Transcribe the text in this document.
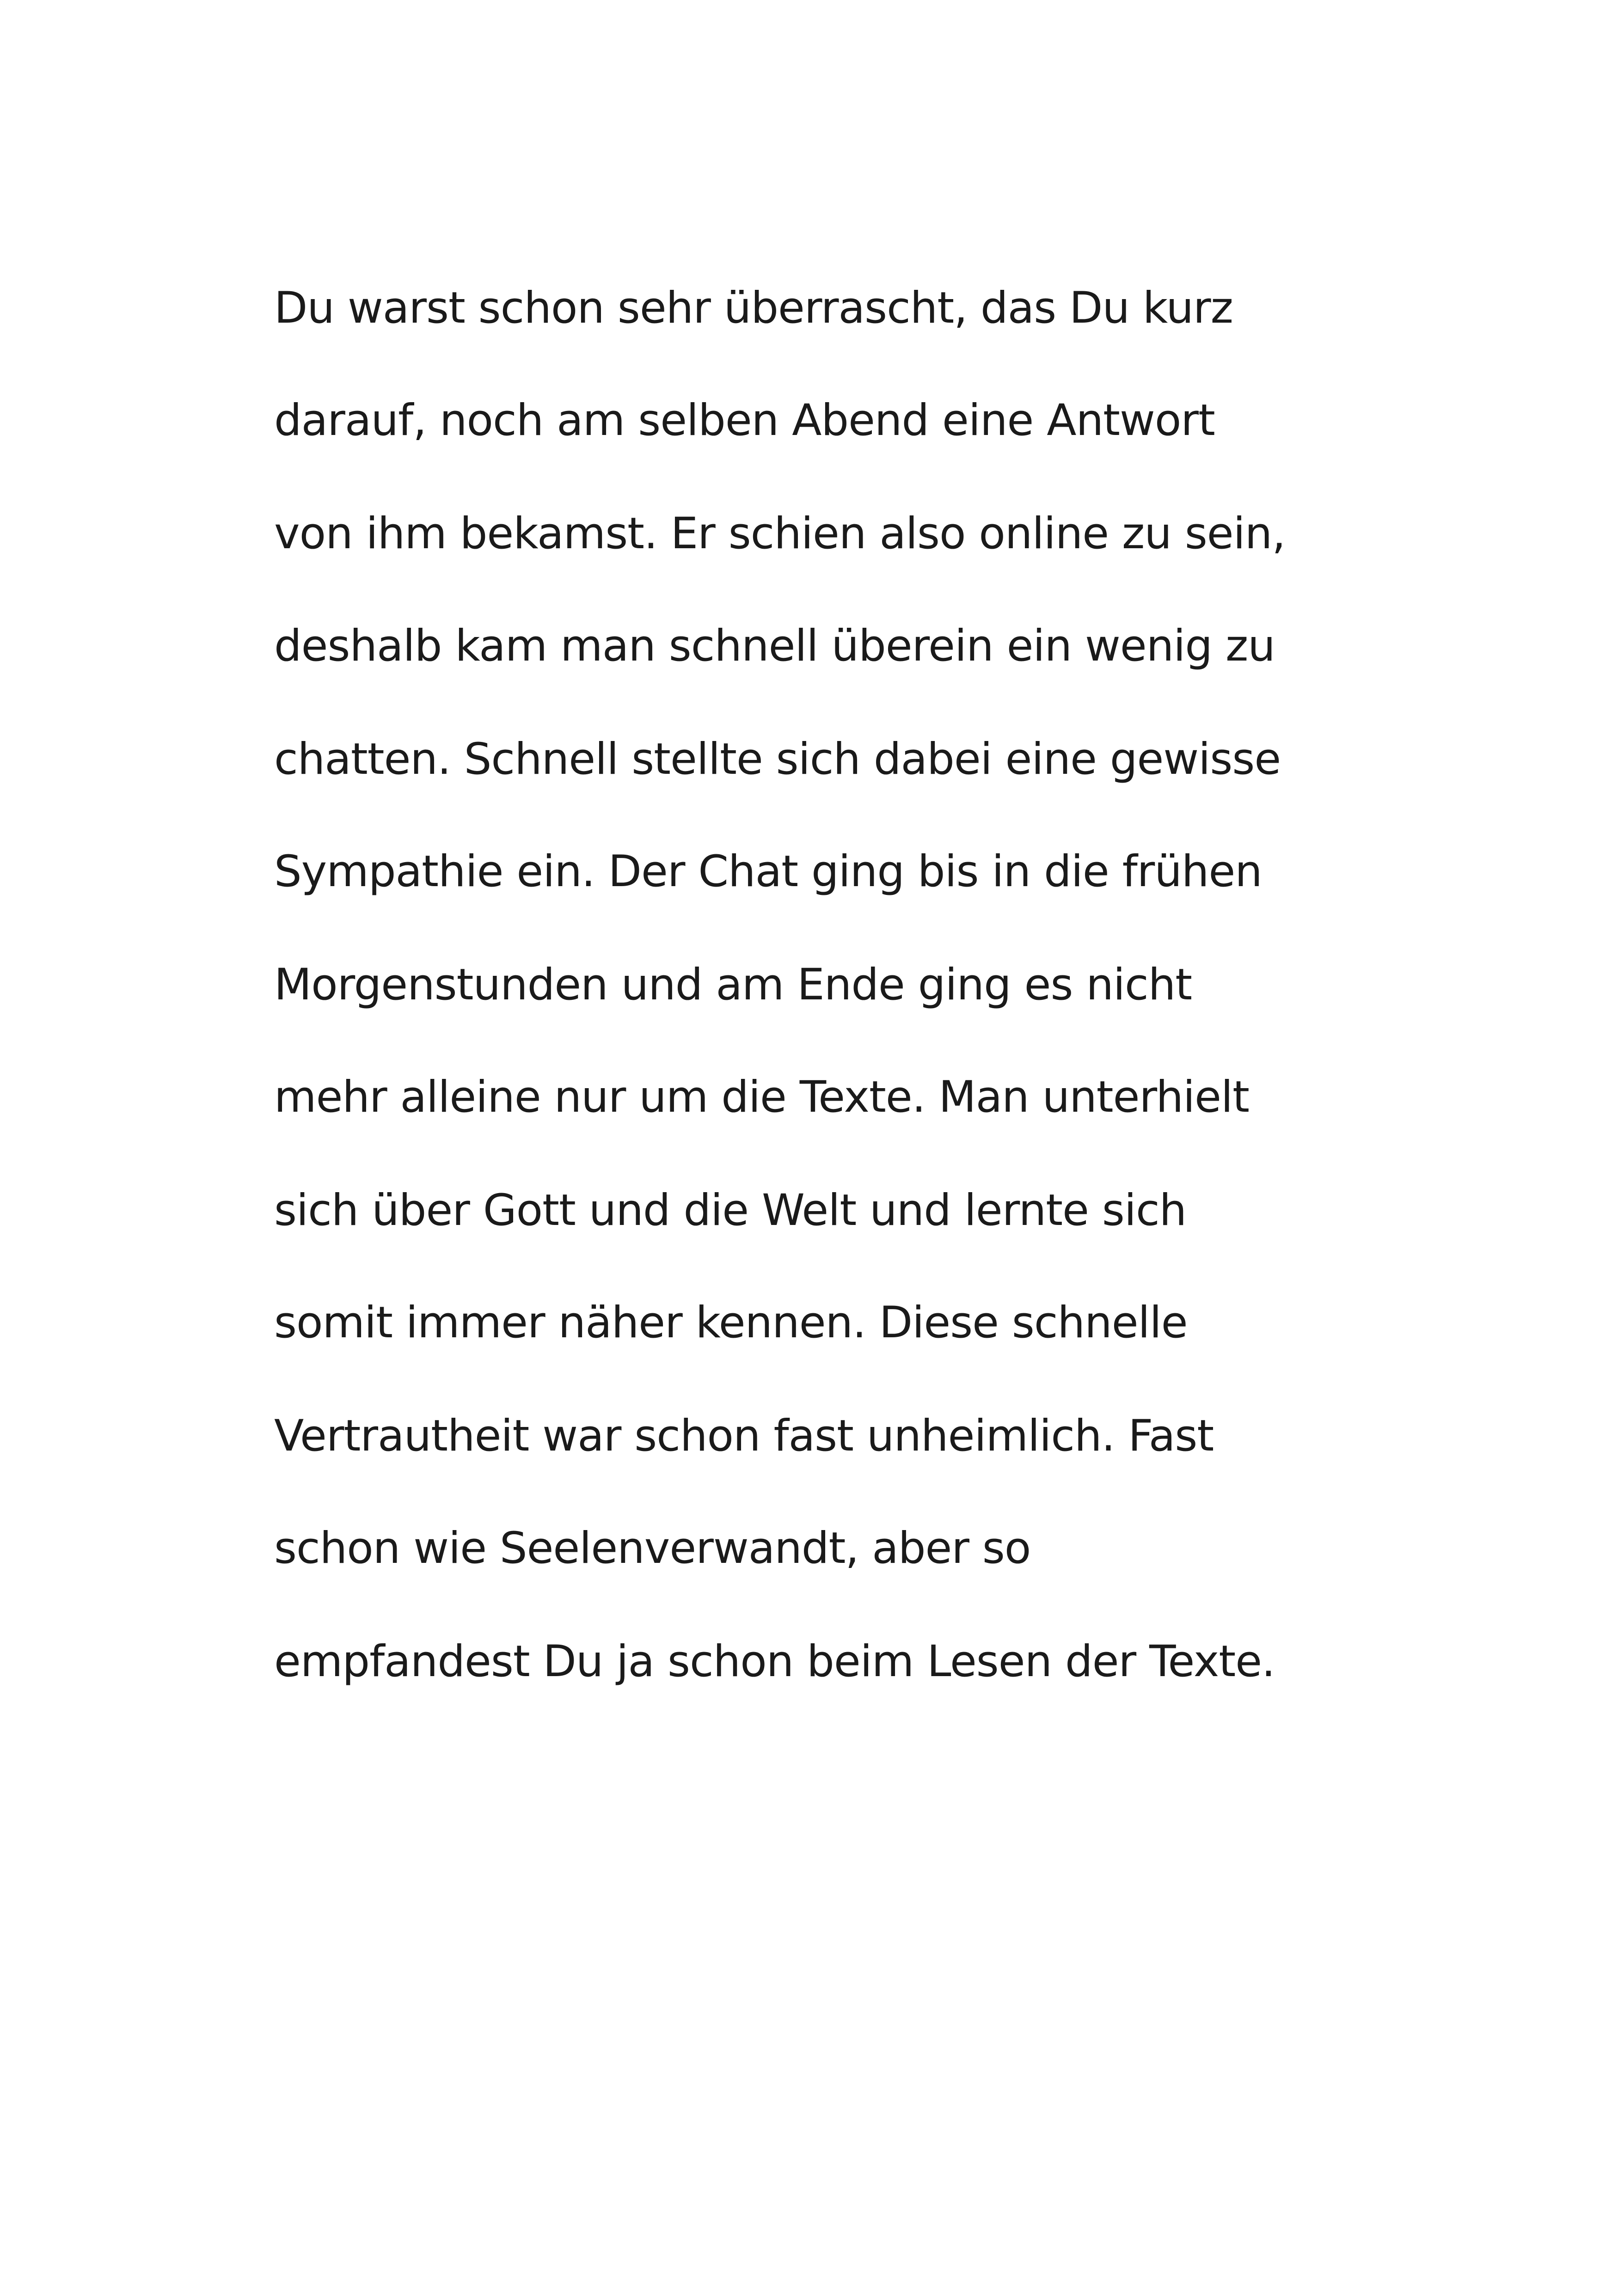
Du warst schon sehr überrascht, das Du kurz

darauf, noch am selben Abend eine Antwort

von ihm bekamst. Er schien also online zu sein,

deshalb kam man schnell überein ein wenig zu

chatten. Schnell stellte sich dabei eine gewisse

Sympathie ein. Der Chat ging bis in die frühen

Morgenstunden und am Ende ging es nicht

mehr alleine nur um die Texte. Man unterhielt

sich über Gott und die Welt und lernte sich

somit immer näher kennen. Diese schnelle

Vertrautheit war schon fast unheimlich. Fast

schon wie Seelenverwandt, aber so

empfandest Du ja schon beim Lesen der Texte.
